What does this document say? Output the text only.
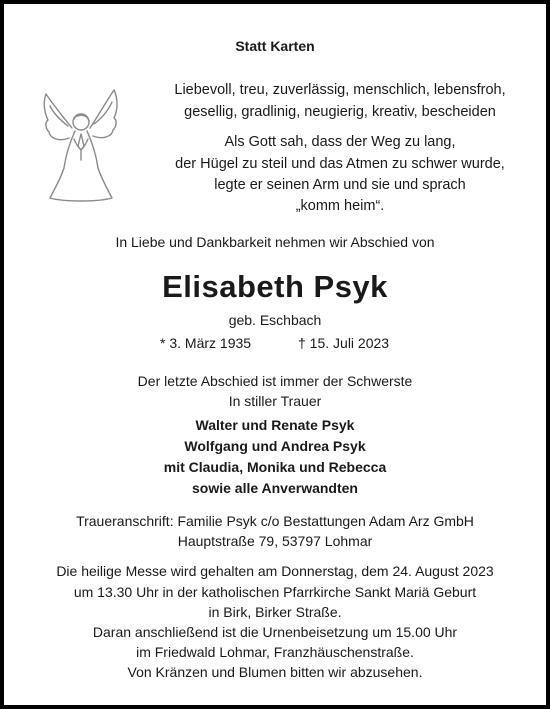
Statt Karten
Liebevoll, treu, zuverlässig, menschlich, lebensfroh,
gesellig, gradlinig, neugierig, kreativ, bescheiden
Als Gott sah, dass der Weg zu lang,
der Hügel zu steil und das Atmen zu schwer wurde,
legte er seinen Arm und sie und sprach
„komm heim“.
In Liebe und Dankbarkeit nehmen wir Abschied von
Elisabeth Psyk
geb. Eschbach
* 3. März 1935	† 15. Juli 2023
Der letzte Abschied ist immer der Schwerste
In stiller Trauer
Walter und Renate Psyk
Wolfgang und Andrea Psyk
mit Claudia, Monika und Rebecca
sowie alle Anverwandten
Traueranschrift: Familie Psyk c/o Bestattungen Adam Arz GmbH
Hauptstraße 79, 53797 Lohmar
Die heilige Messe wird gehalten am Donnerstag, dem 24. August 2023
um 13.30 Uhr in der katholischen Pfarrkirche Sankt Mariä Geburt
in Birk, Birker Straße.
Daran anschließend ist die Urnenbeisetzung um 15.00 Uhr
im Friedwald Lohmar, Franzhäuschenstraße.
Von Kränzen und Blumen bitten wir abzusehen.
